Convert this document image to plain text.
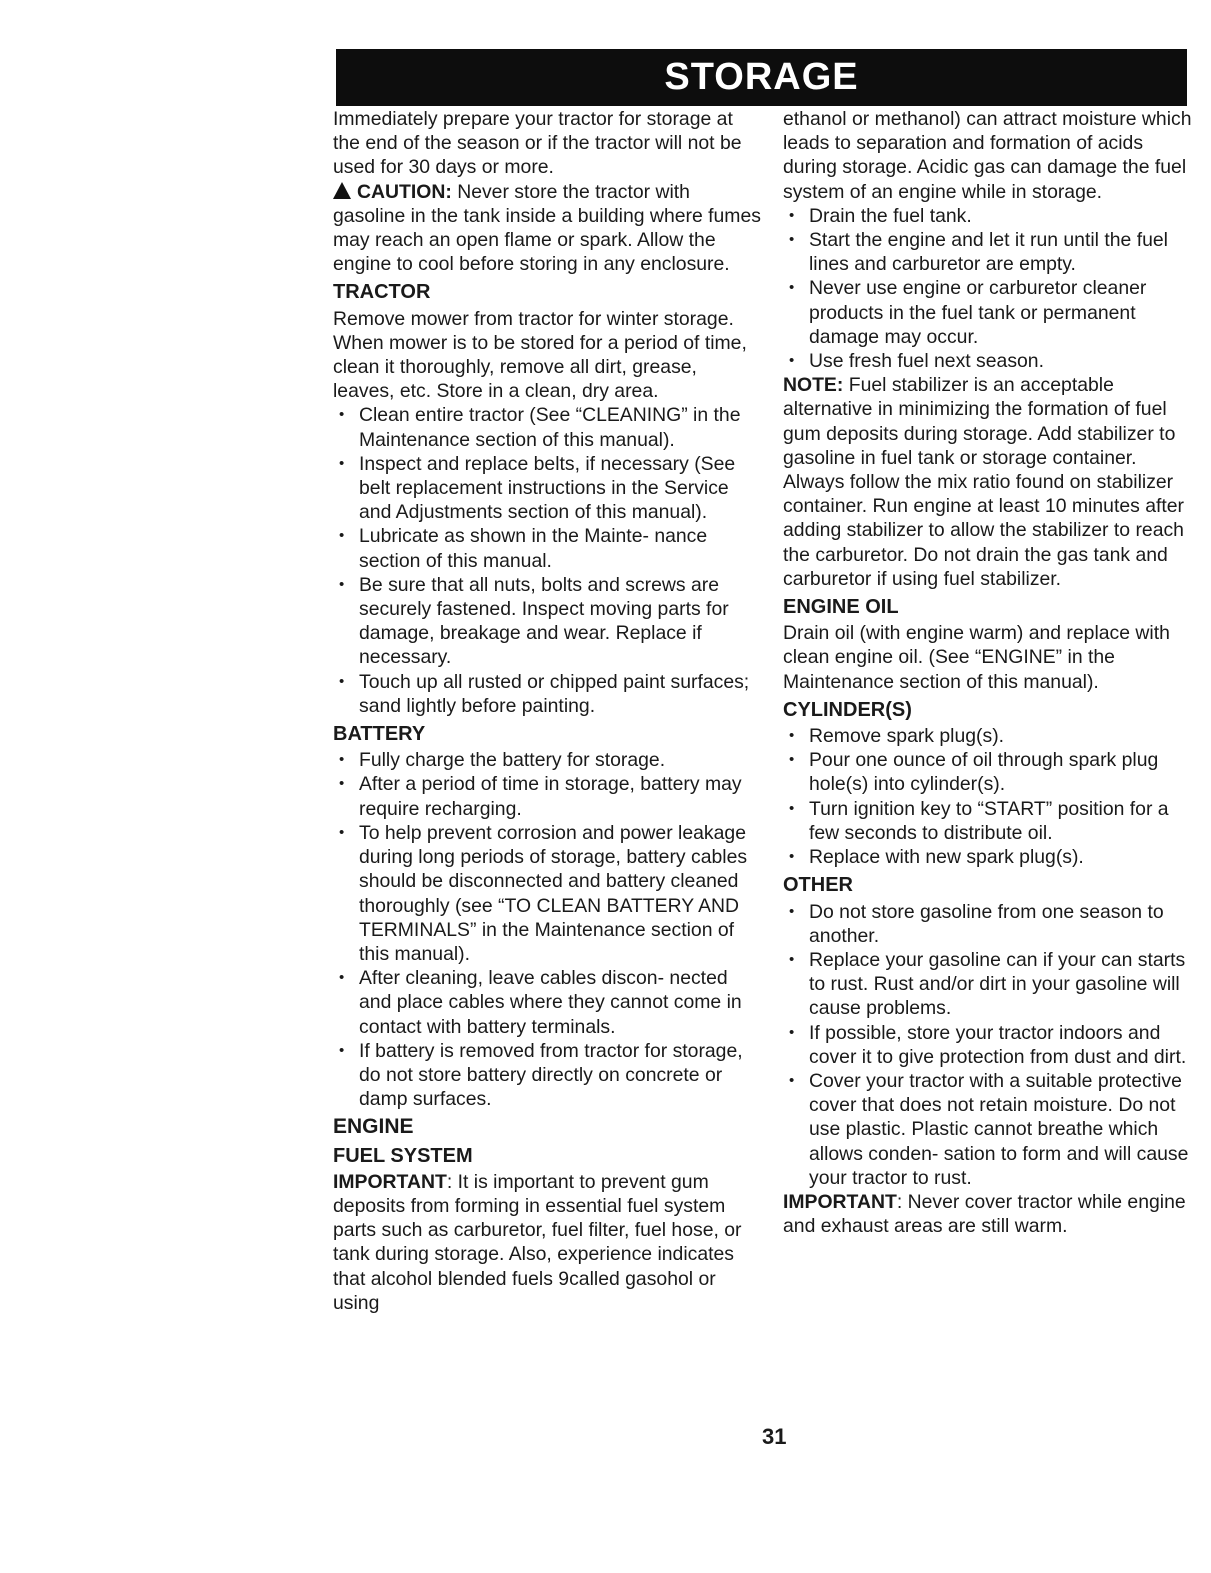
STORAGE

Immediately prepare your tractor for storage at the end of the season or if the tractor will not be used for 30 days or more.

CAUTION: Never store the tractor with gasoline in the tank inside a building where fumes may reach an open flame or spark. Allow the engine to cool before storing in any enclosure.

TRACTOR

Remove mower from tractor for winter storage. When mower is to be stored for a period of time, clean it thoroughly, remove all dirt, grease, leaves, etc. Store in a clean, dry area.

• Clean entire tractor (See “CLEANING” in the Maintenance section of this manual).
• Inspect and replace belts, if necessary (See belt replacement instructions in the Service and Adjustments section of this manual).
• Lubricate as shown in the Mainte- nance section of this manual.
• Be sure that all nuts, bolts and screws are securely fastened. Inspect moving parts for damage, breakage and wear. Replace if necessary.
• Touch up all rusted or chipped paint surfaces; sand lightly before painting.

BATTERY

• Fully charge the battery for storage.
• After a period of time in storage, battery may require recharging.
• To help prevent corrosion and power leakage during long periods of storage, battery cables should be disconnected and battery cleaned thoroughly (see “TO CLEAN BATTERY AND TERMINALS” in the Maintenance section of this manual).
• After cleaning, leave cables discon- nected and place cables where they cannot come in contact with battery terminals.
• If battery is removed from tractor for storage, do not store battery directly on concrete or damp surfaces.

ENGINE

FUEL SYSTEM

IMPORTANT: It is important to prevent gum deposits from forming in essential fuel system parts such as carburetor, fuel filter, fuel hose, or tank during storage. Also, experience indicates that alcohol blended fuels 9called gasohol or using

ethanol or methanol) can attract moisture which leads to separation and formation of acids during storage. Acidic gas can damage the fuel system of an engine while in storage.

• Drain the fuel tank.
• Start the engine and let it run until the fuel lines and carburetor are empty.
• Never use engine or carburetor cleaner products in the fuel tank or permanent damage may occur.
• Use fresh fuel next season.

NOTE: Fuel stabilizer is an acceptable alternative in minimizing the formation of fuel gum deposits during storage. Add stabilizer to gasoline in fuel tank or storage container. Always follow the mix ratio found on stabilizer container. Run engine at least 10 minutes after adding stabilizer to allow the stabilizer to reach the carburetor. Do not drain the gas tank and carburetor if using fuel stabilizer.

ENGINE OIL

Drain oil (with engine warm) and replace with clean engine oil. (See “ENGINE” in the Maintenance section of this manual).

CYLINDER(S)

• Remove spark plug(s).
• Pour one ounce of oil through spark plug hole(s) into cylinder(s).
• Turn ignition key to “START” position for a few seconds to distribute oil.
• Replace with new spark plug(s).

OTHER

• Do not store gasoline from one season to another.
• Replace your gasoline can if your can starts to rust. Rust and/or dirt in your gasoline will cause problems.
• If possible, store your tractor indoors and cover it to give protection from dust and dirt.
• Cover your tractor with a suitable protective cover that does not retain moisture. Do not use plastic. Plastic cannot breathe which allows conden- sation to form and will cause your tractor to rust.

IMPORTANT: Never cover tractor while engine and exhaust areas are still warm.

31
